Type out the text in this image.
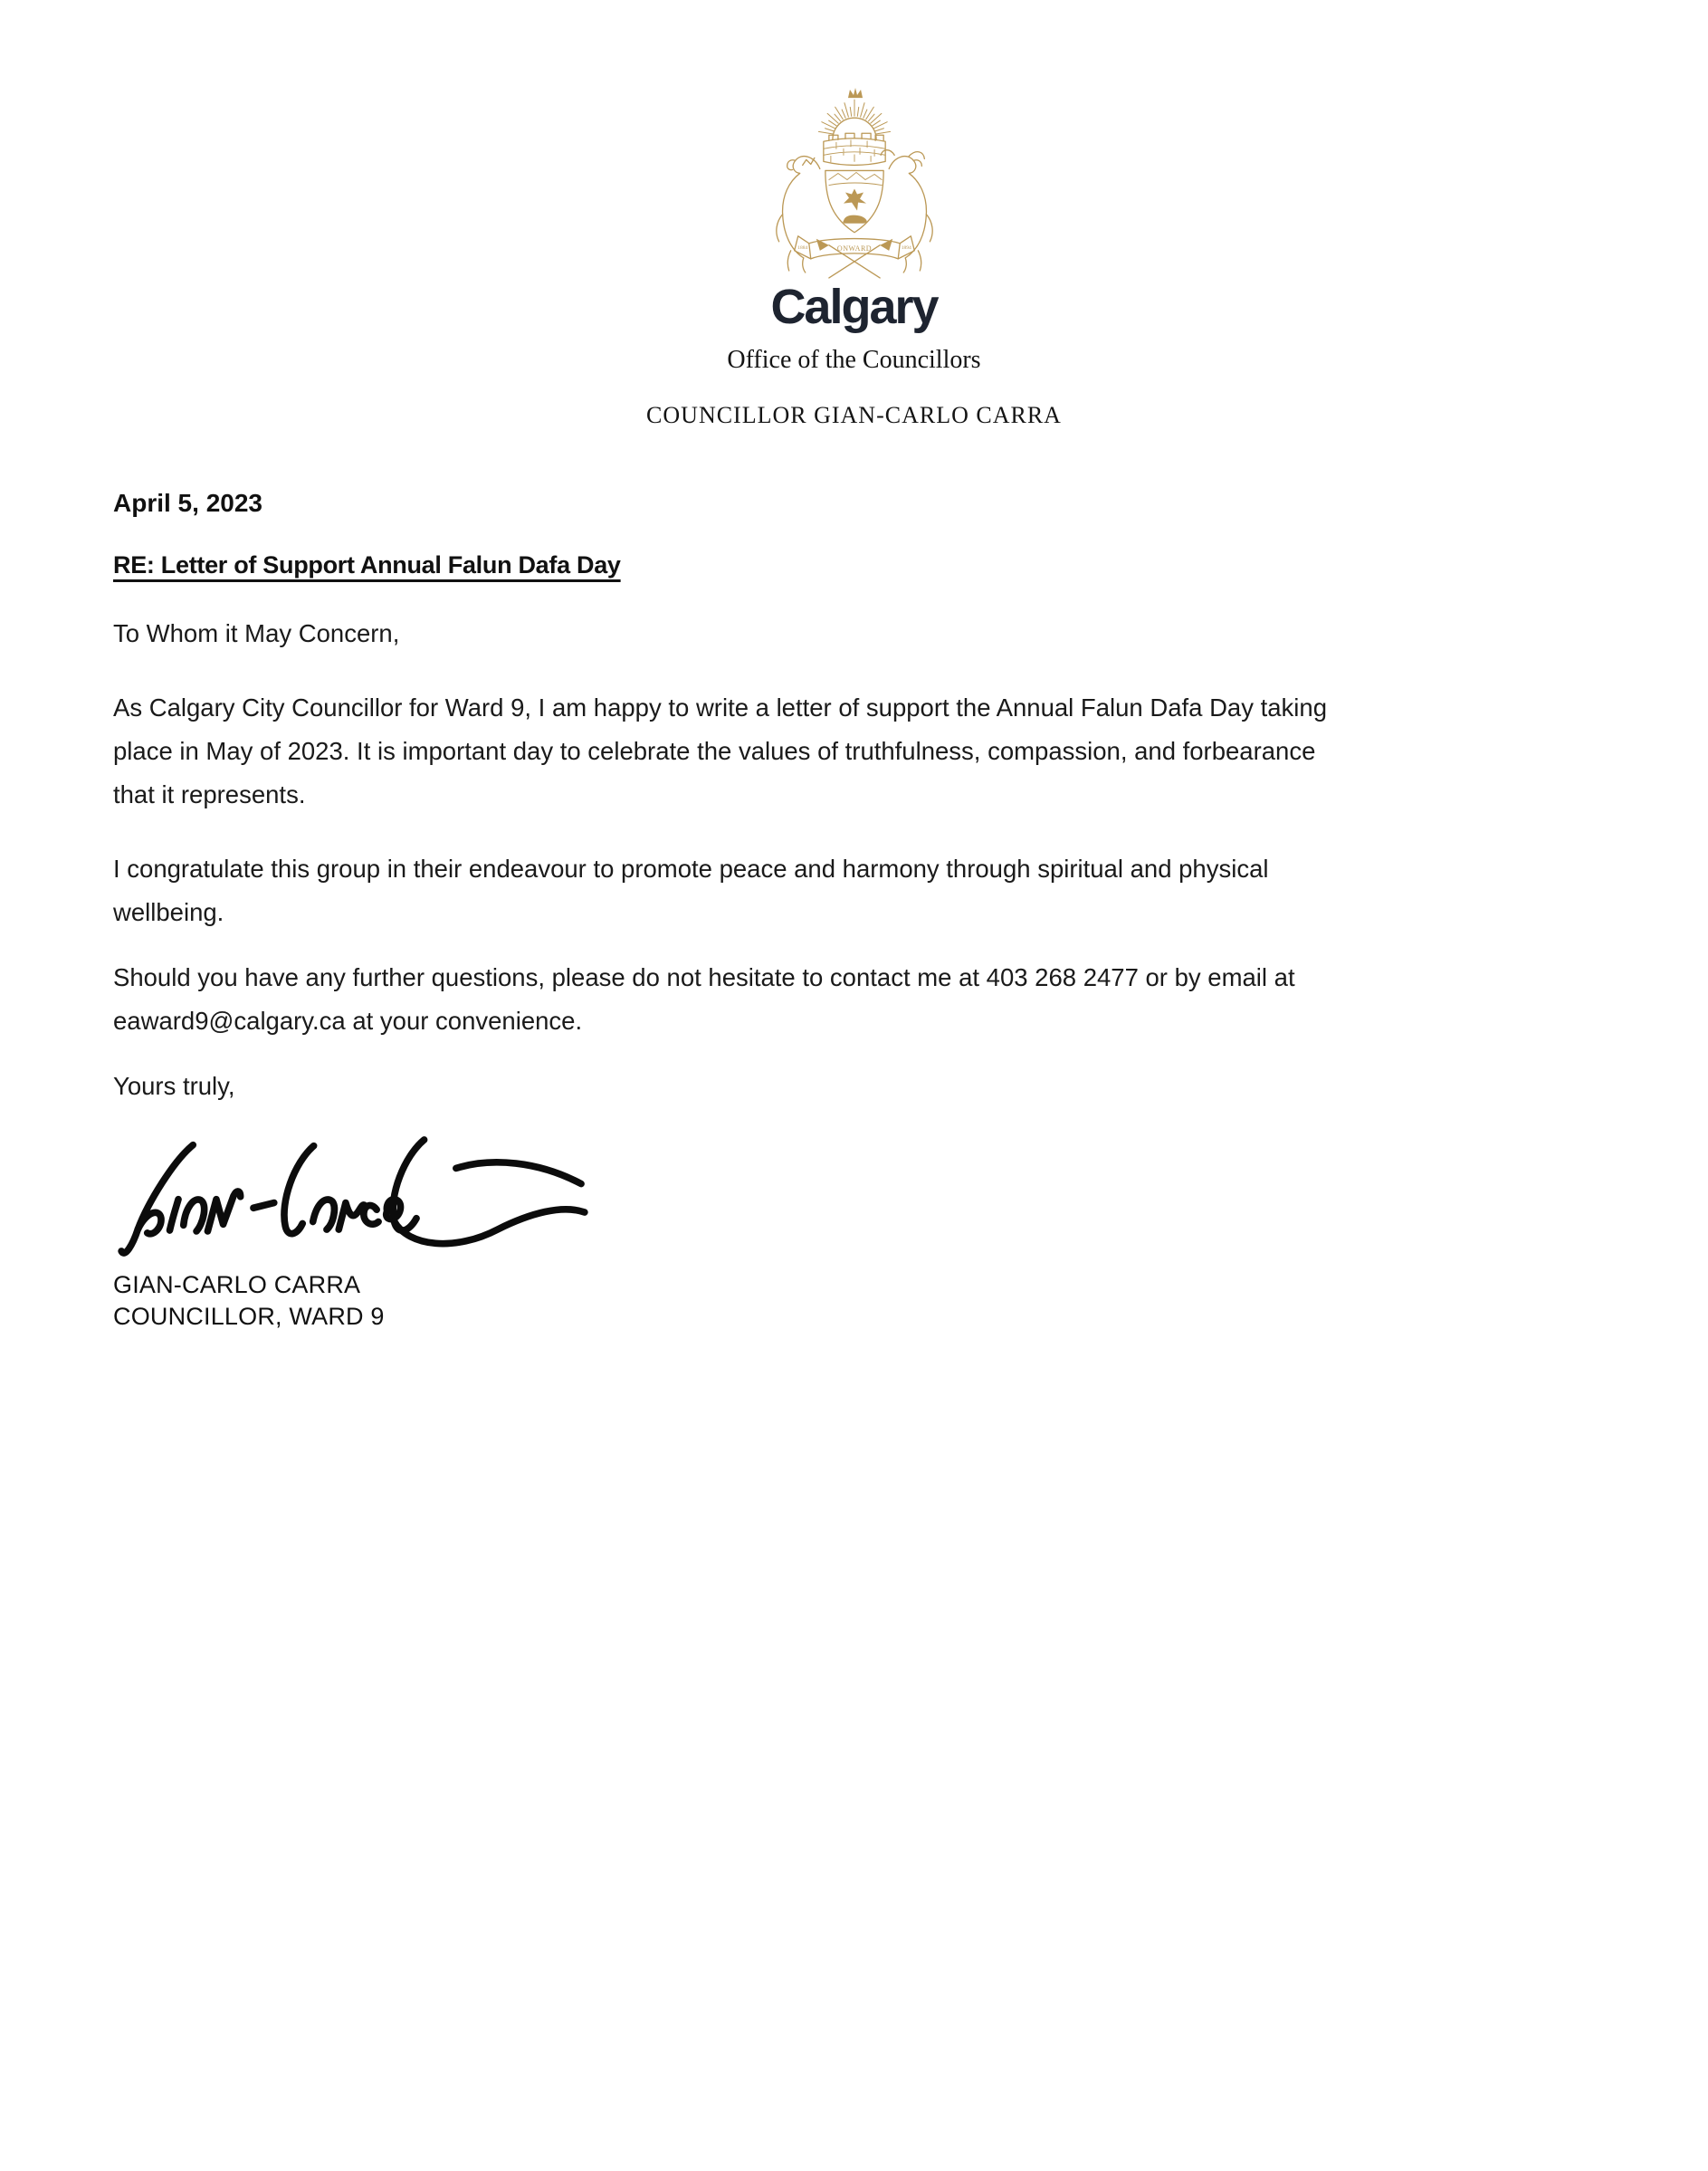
ONWARD
1884	1894
Calgary
Office of the Councillors
COUNCILLOR GIAN-CARLO CARRA
April 5, 2023
RE: Letter of Support Annual Falun Dafa Day
To Whom it May Concern,
As Calgary City Councillor for Ward 9, I am happy to write a letter of support the Annual Falun Dafa Day taking
place in May of 2023. It is important day to celebrate the values of truthfulness, compassion, and forbearance
that it represents.
I congratulate this group in their endeavour to promote peace and harmony through spiritual and physical
wellbeing.
Should you have any further questions, please do not hesitate to contact me at 403 268 2477 or by email at
eaward9@calgary.ca at your convenience.
Yours truly,
GIAN-CARLO CARRA
COUNCILLOR, WARD 9
